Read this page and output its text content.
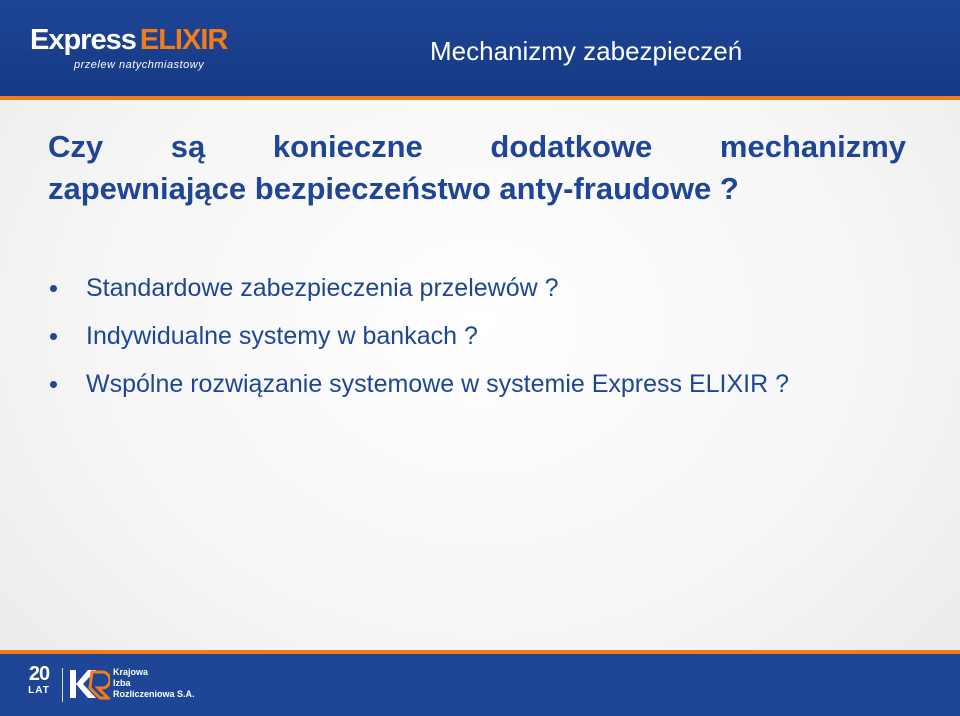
Express ELIXIR
przelew natychmiastowy	Mechanizmy zabezpieczeń
Czy są konieczne dodatkowe mechanizmy
zapewniające bezpieczeństwo anty-fraudowe ?
Standardowe zabezpieczenia przelewów ?
Indywidualne systemy w bankach ?
Wspólne rozwiązanie systemowe w systemie Express ELIXIR ?
20
LAT
Krajowa
Izba
Rozliczeniowa S.A.
